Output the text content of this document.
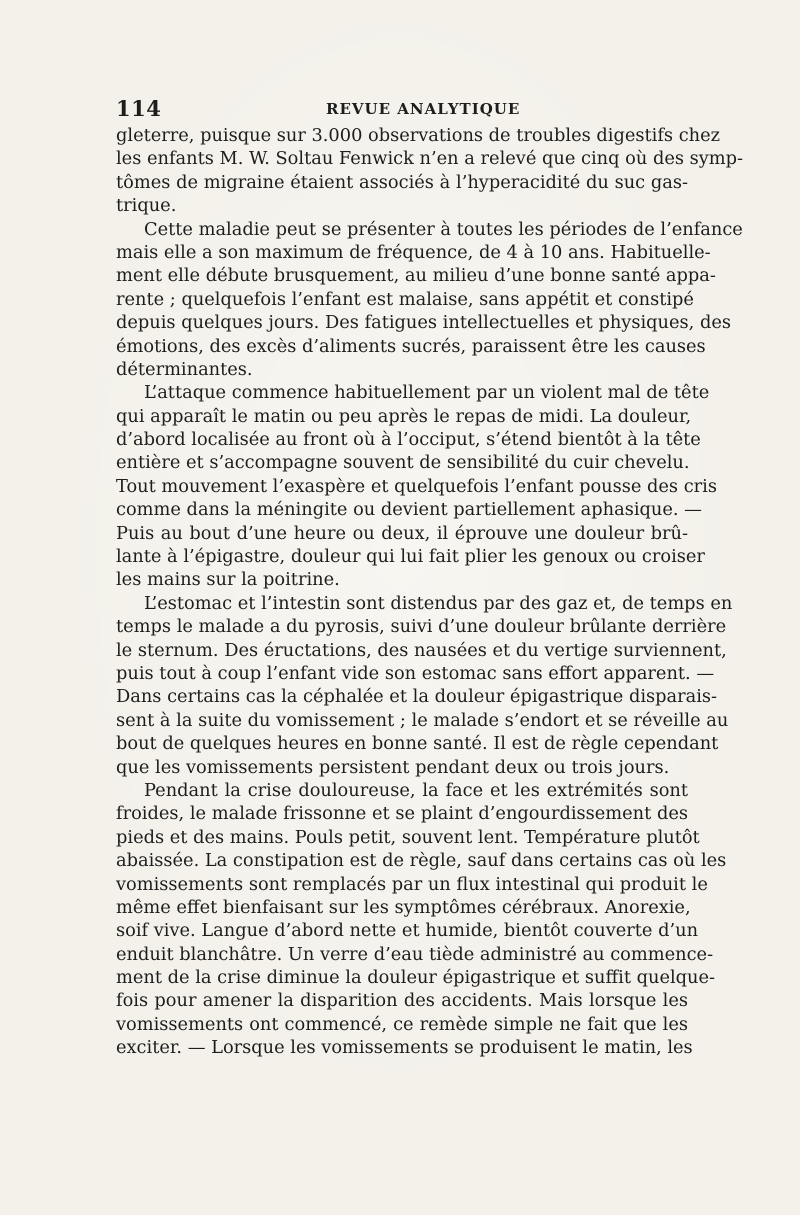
114	REVUE ANALYTIQUE
gleterre, puisque sur 3.000 observations de troubles digestifs chez
les enfants M. W. Soltau Fenwick n’en a relevé que cinq où des symp-
tômes de migraine étaient associés à l’hyperacidité du suc gas-
trique.
Cette maladie peut se présenter à toutes les périodes de l’enfance
mais elle a son maximum de fréquence, de 4 à 10 ans. Habituelle-
ment elle débute brusquement, au milieu d’une bonne santé appa-
rente ; quelquefois l’enfant est malaise, sans appétit et constipé
depuis quelques jours. Des fatigues intellectuelles et physiques, des
émotions, des excès d’aliments sucrés, paraissent être les causes
déterminantes.
L’attaque commence habituellement par un violent mal de tête
qui apparaît le matin ou peu après le repas de midi. La douleur,
d’abord localisée au front où à l’occiput, s’étend bientôt à la tête
entière et s’accompagne souvent de sensibilité du cuir chevelu.
Tout mouvement l’exaspère et quelquefois l’enfant pousse des cris
comme dans la méningite ou devient partiellement aphasique. —
Puis au bout d’une heure ou deux, il éprouve une douleur brû-
lante à l’épigastre, douleur qui lui fait plier les genoux ou croiser
les mains sur la poitrine.
L’estomac et l’intestin sont distendus par des gaz et, de temps en
temps le malade a du pyrosis, suivi d’une douleur brûlante derrière
le sternum. Des éructations, des nausées et du vertige surviennent,
puis tout à coup l’enfant vide son estomac sans effort apparent. —
Dans certains cas la céphalée et la douleur épigastrique disparais-
sent à la suite du vomissement ; le malade s’endort et se réveille au
bout de quelques heures en bonne santé. Il est de règle cependant
que les vomissements persistent pendant deux ou trois jours.
Pendant la crise douloureuse, la face et les extrémités sont
froides, le malade frissonne et se plaint d’engourdissement des
pieds et des mains. Pouls petit, souvent lent. Température plutôt
abaissée. La constipation est de règle, sauf dans certains cas où les
vomissements sont remplacés par un flux intestinal qui produit le
même effet bienfaisant sur les symptômes cérébraux. Anorexie,
soif vive. Langue d’abord nette et humide, bientôt couverte d’un
enduit blanchâtre. Un verre d’eau tiède administré au commence-
ment de la crise diminue la douleur épigastrique et suffit quelque-
fois pour amener la disparition des accidents. Mais lorsque les
vomissements ont commencé, ce remède simple ne fait que les
exciter. — Lorsque les vomissements se produisent le matin, les
